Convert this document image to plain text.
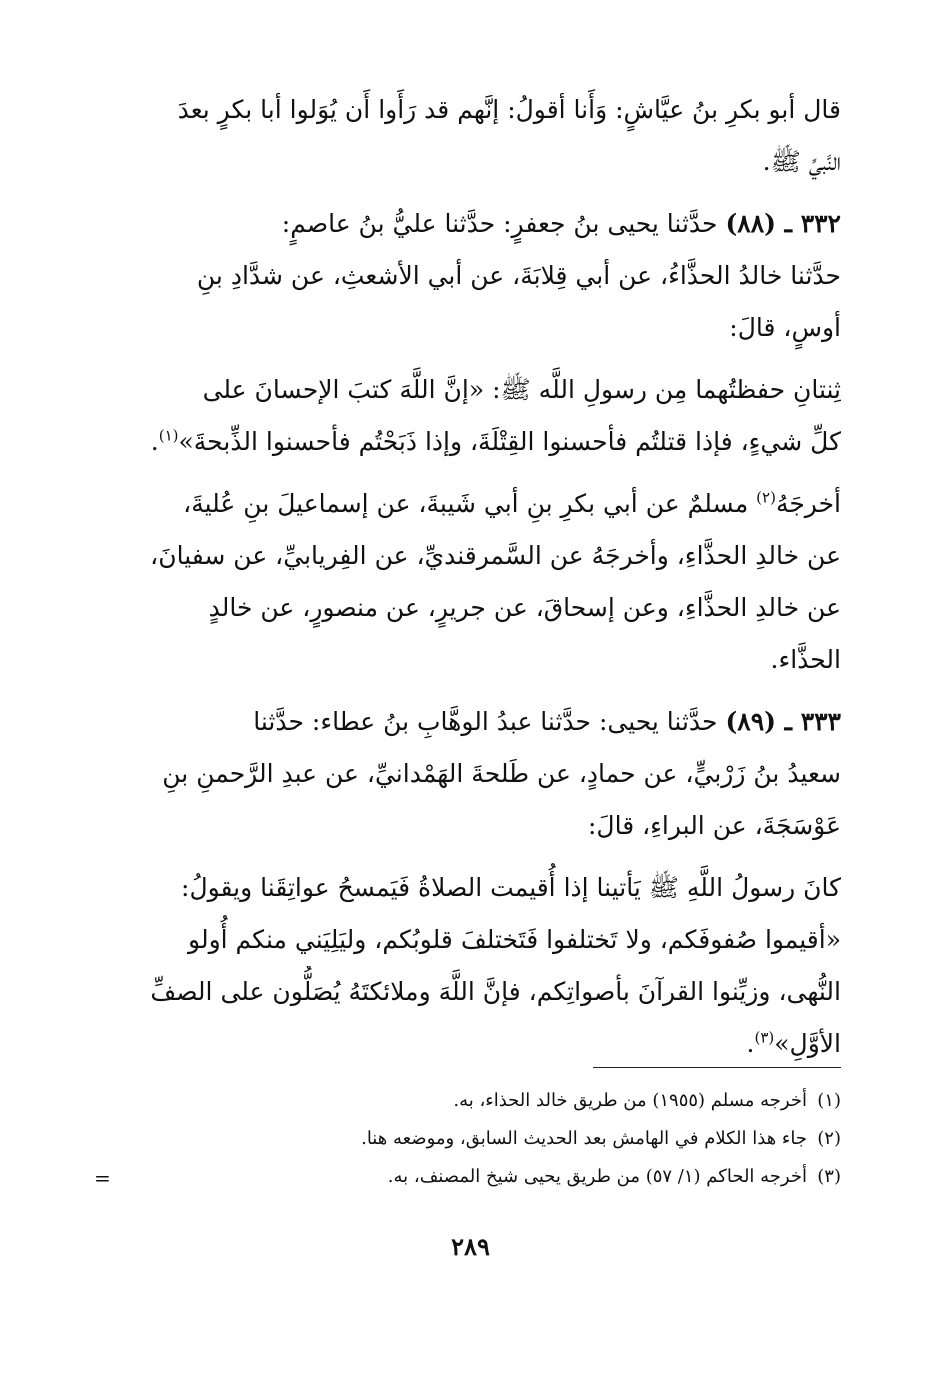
قال أبو بكرِ بنُ عيَّاشٍ: وَأَنا أقولُ: إنَّهم قد رَأَوا أَن يُوَلوا أبا بكرٍ بعدَ
النَّبيِّ ﷺ.

٣٣٢ ـ (٨٨) حدَّثنا يحيى بنُ جعفرٍ: حدَّثنا عليُّ بنُ عاصمٍ:
حدَّثنا خالدُ الحذَّاءُ، عن أبي قِلابَةَ، عن أبي الأشعثِ، عن شدَّادِ بنِ
أوسٍ، قالَ:

ثِنتانِ حفظتُهما مِن رسولِ اللَّه ﷺ: «إنَّ اللَّهَ كتبَ الإحسانَ على
كلِّ شيءٍ، فإذا قتلتُم فأحسنوا القِتْلَةَ، وإذا ذَبَحْتُم فأحسنوا الذِّبحةَ»$^{(١)}$.

أخرجَهُ$^{(٢)}$ مسلمٌ عن أبي بكرِ بنِ أبي شَيبةَ، عن إسماعيلَ بنِ عُليةَ،
عن خالدِ الحذَّاءِ، وأخرجَهُ عن السَّمرقنديِّ، عن الفِريابيِّ، عن سفيانَ،
عن خالدِ الحذَّاءِ، وعن إسحاقَ، عن جريرٍ، عن منصورٍ، عن خالدٍ
الحذَّاء.

٣٣٣ ـ (٨٩) حدَّثنا يحيى: حدَّثنا عبدُ الوهَّابِ بنُ عطاء: حدَّثنا
سعيدُ بنُ زَرْبيٍّ، عن حمادٍ، عن طَلحةَ الهَمْدانيِّ، عن عبدِ الرَّحمنِ بنِ
عَوْسَجَةَ، عن البراءِ، قالَ:

كانَ رسولُ اللَّهِ ﷺ يَأتينا إذا أُقيمت الصلاةُ فَيَمسحُ عواتِقَنا ويقولُ:
«أقيموا صُفوفَكم، ولا تَختلفوا فَتَختلفَ قلوبُكم، وليَلِيَني منكم أُولو
النُّهى، وزيِّنوا القرآنَ بأصواتِكم، فإنَّ اللَّهَ وملائكتَهُ يُصَلُّون على الصفِّ
الأوَّلِ»$^{(٣)}$.

(١)أخرجه مسلم (١٩٥٥) من طريق خالد الحذاء، به.
(٢)جاء هذا الكلام في الهامش بعد الحديث السابق، وموضعه هنا.
(٣)أخرجه الحاكم (١/ ٥٧) من طريق يحيى شيخ المصنف، به.
=
٢٨٩
